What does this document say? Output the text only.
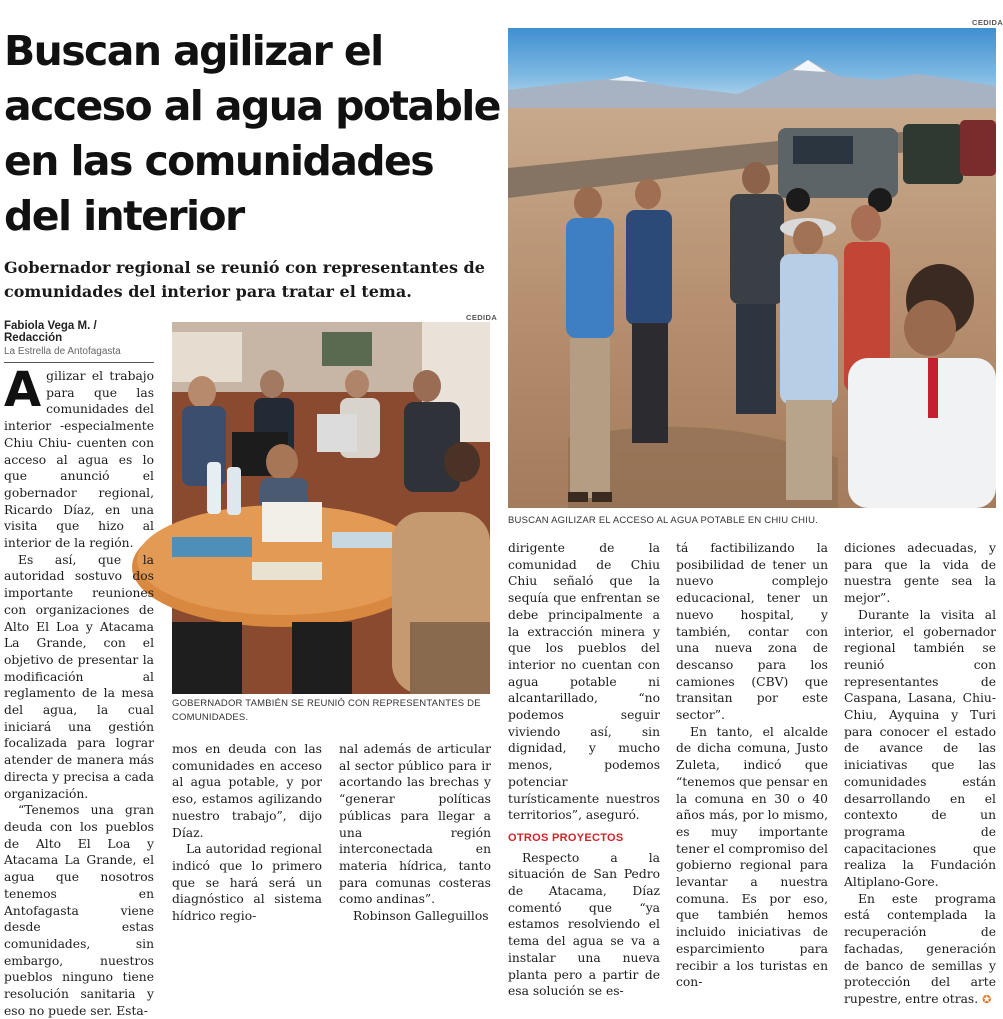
Buscan agilizar el acceso al agua potable en las comunidades del interior
Gobernador regional se reunió con representantes de comunidades del interior para tratar el tema.
Fabiola Vega M. / Redacción
La Estrella de Antofagasta
CEDIDA
BUSCAN AGILIZAR EL ACCESO AL AGUA POTABLE EN CHIU CHIU.
CEDIDA
GOBERNADOR TAMBIÉN SE REUNIÓ CON REPRESENTANTES DE COMUNIDADES.

Agilizar el trabajo para que las comunidades del interior -especialmente Chiu Chiu- cuenten con acceso al agua es lo que anunció el gobernador regional, Ricardo Díaz, en una visita que hizo al interior de la región.

Es así, que la autoridad sostuvo dos importante reuniones con organizaciones de Alto El Loa y Atacama La Grande, con el objetivo de presentar la modificación al reglamento de la mesa del agua, la cual iniciará una gestión focalizada para lograr atender de manera más directa y precisa a cada organización.

“Tenemos una gran deuda con los pueblos de Alto El Loa y Atacama La Grande, el agua que nosotros tenemos en Antofagasta viene desde estas comunidades, sin embargo, nuestros pueblos ninguno tiene resolución sanitaria y eso no puede ser. Esta-

mos en deuda con las comunidades en acceso al agua potable, y por eso, estamos agilizando nuestro trabajo”, dijo Díaz.

La autoridad regional indicó que lo primero que se hará será un diagnóstico al sistema hídrico regio-

nal además de articular al sector público para ir acortando las brechas y “generar políticas públicas para llegar a una región interconectada en materia hídrica, tanto para comunas costeras como andinas”.

Robinson Galleguillos

dirigente de la comunidad de Chiu Chiu señaló que la sequía que enfrentan se debe principalmente a la extracción minera y que los pueblos del interior no cuentan con agua potable ni alcantarillado, “no podemos seguir viviendo así, sin dignidad, y mucho menos, podemos potenciar turísticamente nuestros territorios”, aseguró.

OTROS PROYECTOS

Respecto a la situación de San Pedro de Atacama, Díaz comentó que “ya estamos resolviendo el tema del agua se va a instalar una nueva planta pero a partir de esa solución se es-

tá factibilizando la posibilidad de tener un nuevo complejo educacional, tener un nuevo hospital, y también, contar con una nueva zona de descanso para los camiones (CBV) que transitan por este sector”.

En tanto, el alcalde de dicha comuna, Justo Zuleta, indicó que “tenemos que pensar en la comuna en 30 o 40 años más, por lo mismo, es muy importante tener el compromiso del gobierno regional para levantar a nuestra comuna. Es por eso, que también hemos incluido iniciativas de esparcimiento para recibir a los turistas en con-

diciones adecuadas, y para que la vida de nuestra gente sea la mejor”.

Durante la visita al interior, el gobernador regional también se reunió con representantes de Caspana, Lasana, Chiu-Chiu, Ayquina y Turi para conocer el estado de avance de las iniciativas que las comunidades están desarrollando en el contexto de un programa de capacitaciones que realiza la Fundación Altiplano-Gore.

En este programa está contemplada la recuperación de fachadas, generación de banco de semillas y protección del arte rupestre, entre otras. ✪
